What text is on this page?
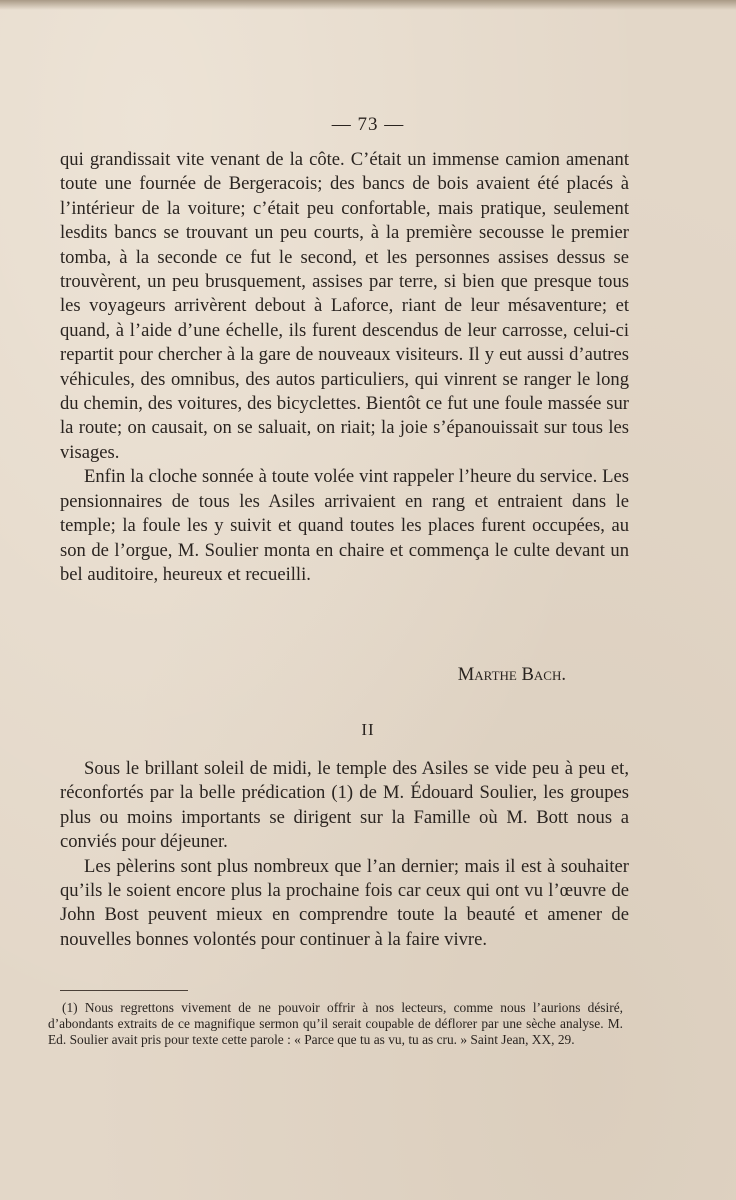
— 73 —

qui grandissait vite venant de la côte. C’était un immense camion amenant toute une fournée de Bergeracois; des bancs de bois avaient été placés à l’intérieur de la voiture; c’était peu confortable, mais pratique, seulement lesdits bancs se trouvant un peu courts, à la première secousse le premier tomba, à la seconde ce fut le second, et les personnes assises dessus se trouvèrent, un peu brusquement, assises par terre, si bien que presque tous les voyageurs arrivèrent debout à Laforce, riant de leur mésaventure; et quand, à l’aide d’une échelle, ils furent descendus de leur carrosse, celui-ci repartit pour chercher à la gare de nouveaux visiteurs. Il y eut aussi d’autres véhicules, des omnibus, des autos particuliers, qui vinrent se ranger le long du chemin, des voitures, des bicyclettes. Bientôt ce fut une foule massée sur la route; on causait, on se saluait, on riait; la joie s’épanouissait sur tous les visages.

Enfin la cloche sonnée à toute volée vint rappeler l’heure du service. Les pensionnaires de tous les Asiles arrivaient en rang et entraient dans le temple; la foule les y suivit et quand toutes les places furent occupées, au son de l’orgue, M. Soulier monta en chaire et commença le culte devant un bel auditoire, heureux et recueilli.

Marthe Bach.
II

Sous le brillant soleil de midi, le temple des Asiles se vide peu à peu et, réconfortés par la belle prédication (1) de M. Édouard Soulier, les groupes plus ou moins importants se dirigent sur la Famille où M. Bott nous a conviés pour déjeuner.

Les pèlerins sont plus nombreux que l’an dernier; mais il est à souhaiter qu’ils le soient encore plus la prochaine fois car ceux qui ont vu l’œuvre de John Bost peuvent mieux en comprendre toute la beauté et amener de nouvelles bonnes volontés pour continuer à la faire vivre.

(1) Nous regrettons vivement de ne pouvoir offrir à nos lecteurs, comme nous l’aurions désiré, d’abondants extraits de ce magnifique sermon qu’il serait coupable de déflorer par une sèche analyse. M. Ed. Soulier avait pris pour texte cette parole : « Parce que tu as vu, tu as cru. » Saint Jean, XX, 29.
